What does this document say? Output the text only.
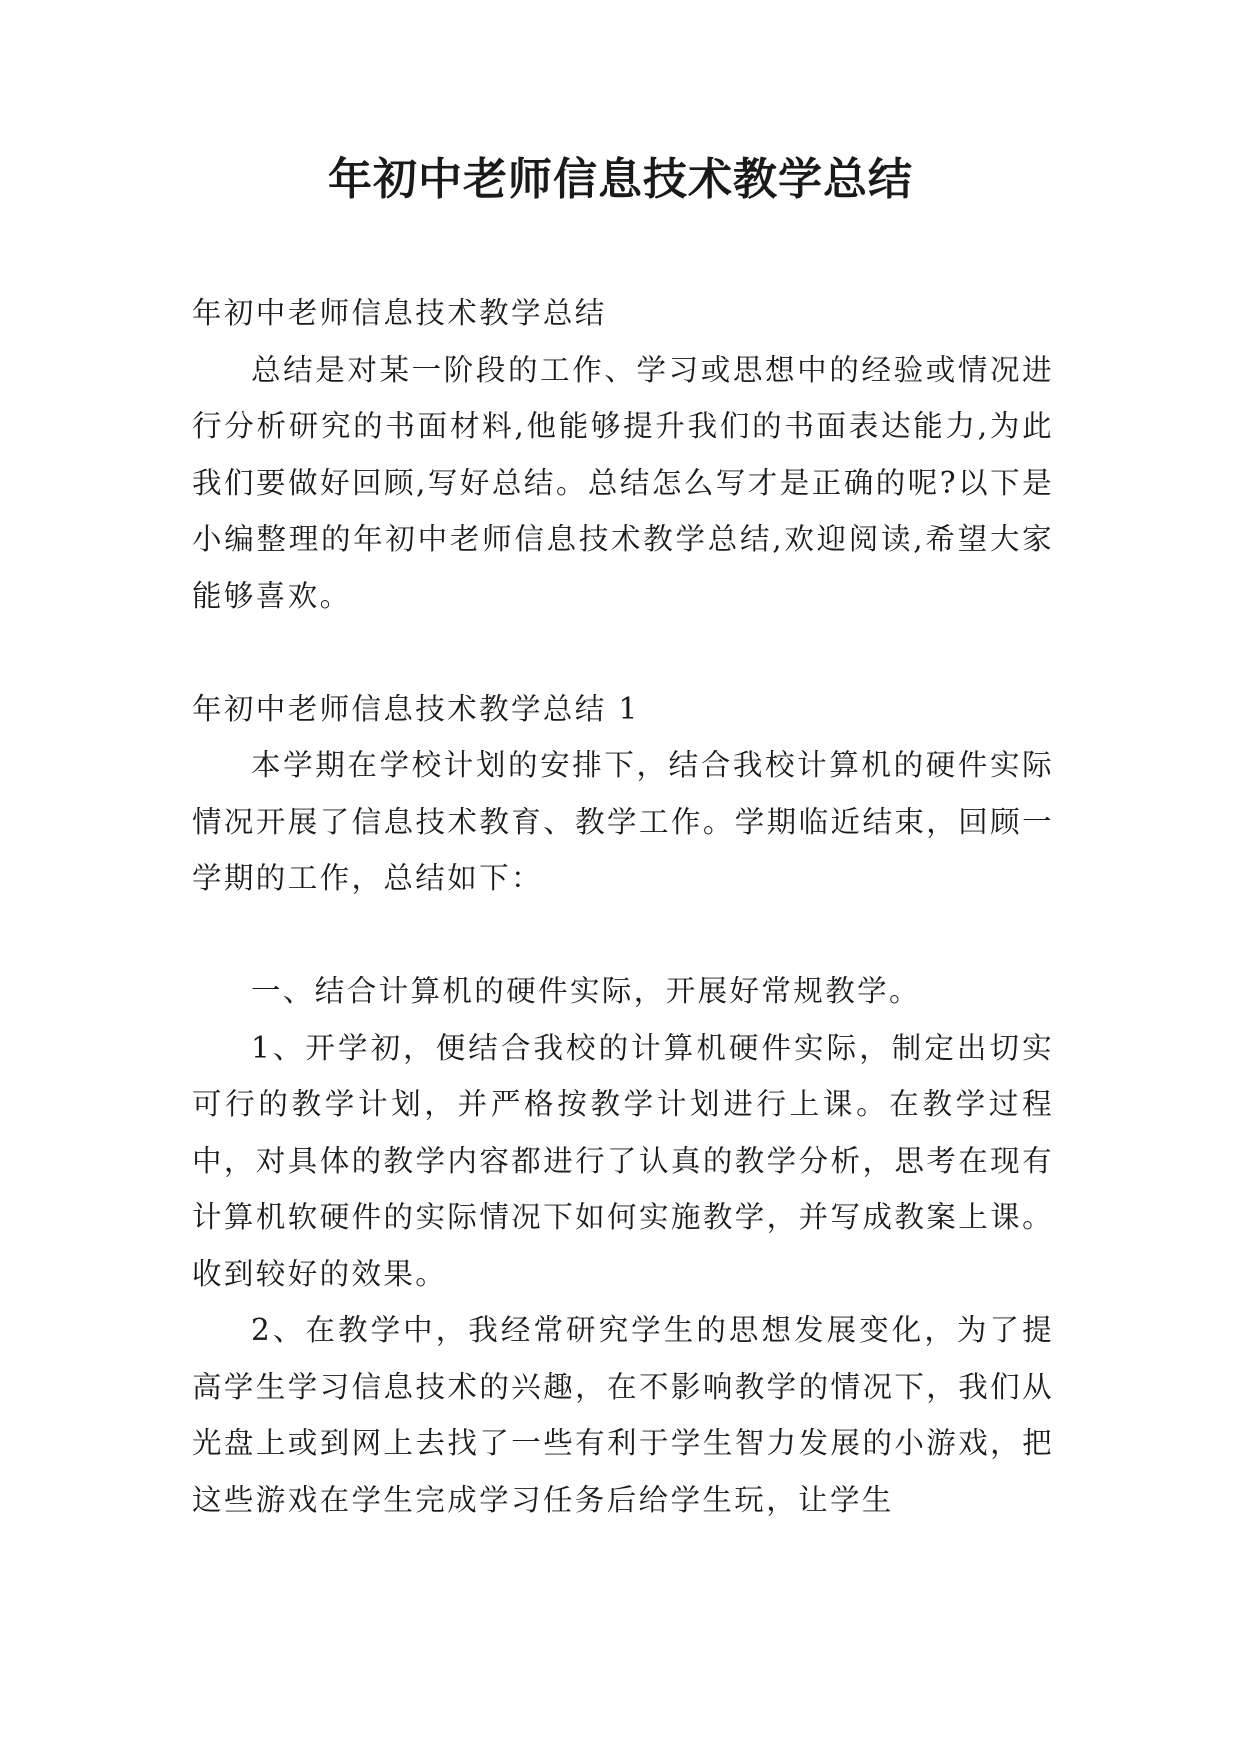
年初中老师信息技术教学总结

年初中老师信息技术教学总结

总结是对某一阶段的工作、学习或思想中的经验或情况进行分析研究的书面材料,他能够提升我们的书面表达能力,为此我们要做好回顾,写好总结。总结怎么写才是正确的呢?以下是小编整理的年初中老师信息技术教学总结,欢迎阅读,希望大家能够喜欢。

年初中老师信息技术教学总结 1

本学期在学校计划的安排下，结合我校计算机的硬件实际情况开展了信息技术教育、教学工作。学期临近结束，回顾一学期的工作，总结如下：

一、结合计算机的硬件实际，开展好常规教学。

1、开学初，便结合我校的计算机硬件实际，制定出切实可行的教学计划，并严格按教学计划进行上课。在教学过程中，对具体的教学内容都进行了认真的教学分析，思考在现有计算机软硬件的实际情况下如何实施教学，并写成教案上课。收到较好的效果。

2、在教学中，我经常研究学生的思想发展变化，为了提高学生学习信息技术的兴趣，在不影响教学的情况下，我们从光盘上或到网上去找了一些有利于学生智力发展的小游戏，把这些游戏在学生完成学习任务后给学生玩，让学生
